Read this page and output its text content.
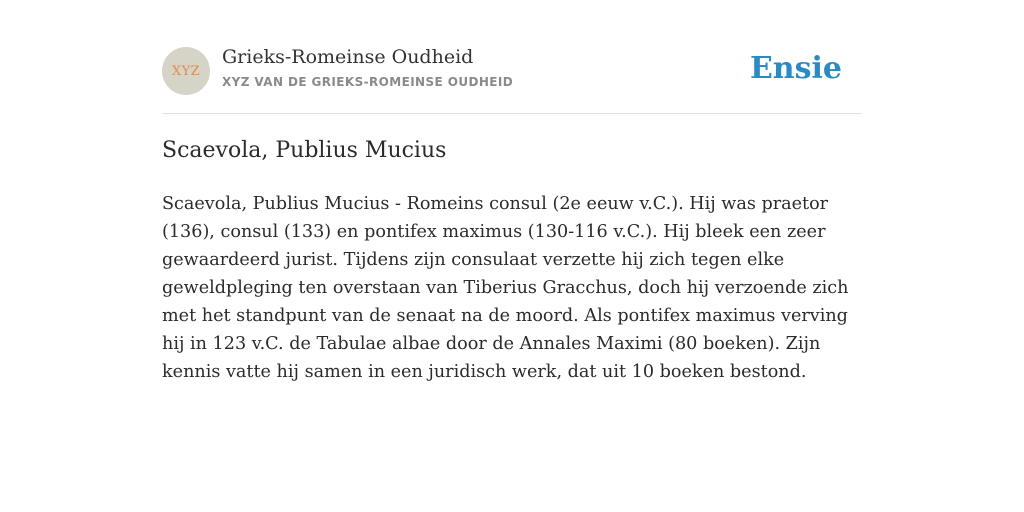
XYZ
Grieks-Romeinse Oudheid
XYZ VAN DE GRIEKS-ROMEINSE OUDHEID	Ensie
Scaevola, Publius Mucius

Scaevola, Publius Mucius - Romeins consul (2e eeuw v.C.). Hij was praetor (136), consul (133) en pontifex maximus (130-116 v.C.). Hij bleek een zeer gewaardeerd jurist. Tijdens zijn consulaat verzette hij zich tegen elke geweldpleging ten overstaan van Tiberius Gracchus, doch hij verzoende zich met het standpunt van de senaat na de moord. Als pontifex maximus verving hij in 123 v.C. de Tabulae albae door de Annales Maximi (80 boeken). Zijn kennis vatte hij samen in een juridisch werk, dat uit 10 boeken bestond.
